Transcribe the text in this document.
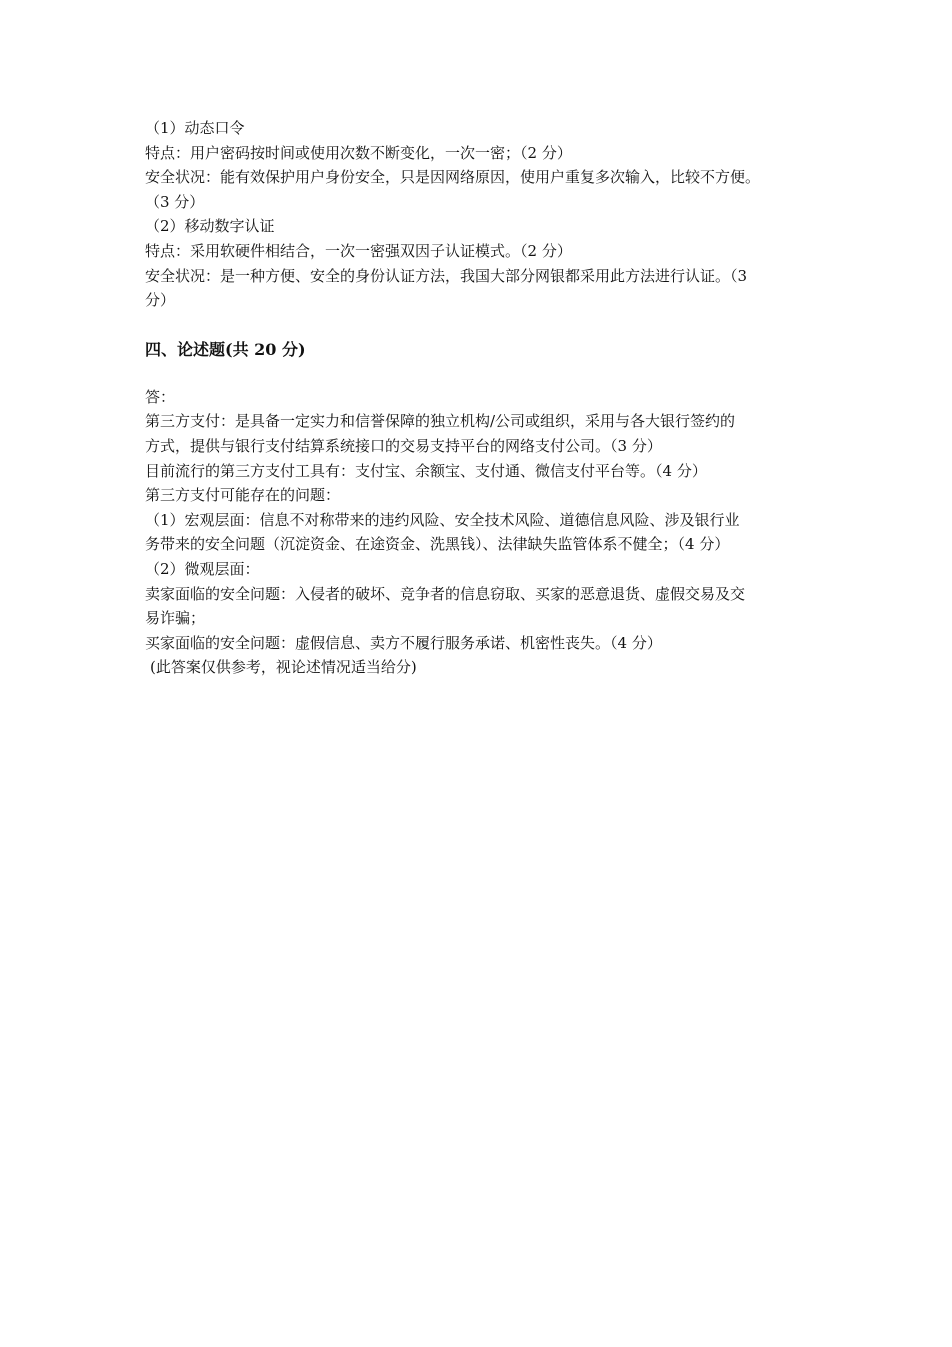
（1）动态口令
特点：用户密码按时间或使用次数不断变化，一次一密；（2 分）
安全状况：能有效保护用户身份安全，只是因网络原因，使用户重复多次输入，比较不方便。
（3 分）
（2）移动数字认证
特点：采用软硬件相结合，一次一密强双因子认证模式。（2 分）
安全状况：是一种方便、安全的身份认证方法，我国大部分网银都采用此方法进行认证。（3
分）
四、论述题(共 20 分)
答：
第三方支付：是具备一定实力和信誉保障的独立机构/公司或组织，采用与各大银行签约的
方式，提供与银行支付结算系统接口的交易支持平台的网络支付公司。（3 分）
目前流行的第三方支付工具有：支付宝、余额宝、支付通、微信支付平台等。（4 分）
第三方支付可能存在的问题：
（1）宏观层面：信息不对称带来的违约风险、安全技术风险、道德信息风险、涉及银行业
务带来的安全问题（沉淀资金、在途资金、洗黑钱）、法律缺失监管体系不健全；（4 分）
（2）微观层面：
卖家面临的安全问题：入侵者的破坏、竞争者的信息窃取、买家的恶意退货、虚假交易及交
易诈骗；
买家面临的安全问题：虚假信息、卖方不履行服务承诺、机密性丧失。（4 分）
(此答案仅供参考，视论述情况适当给分)
